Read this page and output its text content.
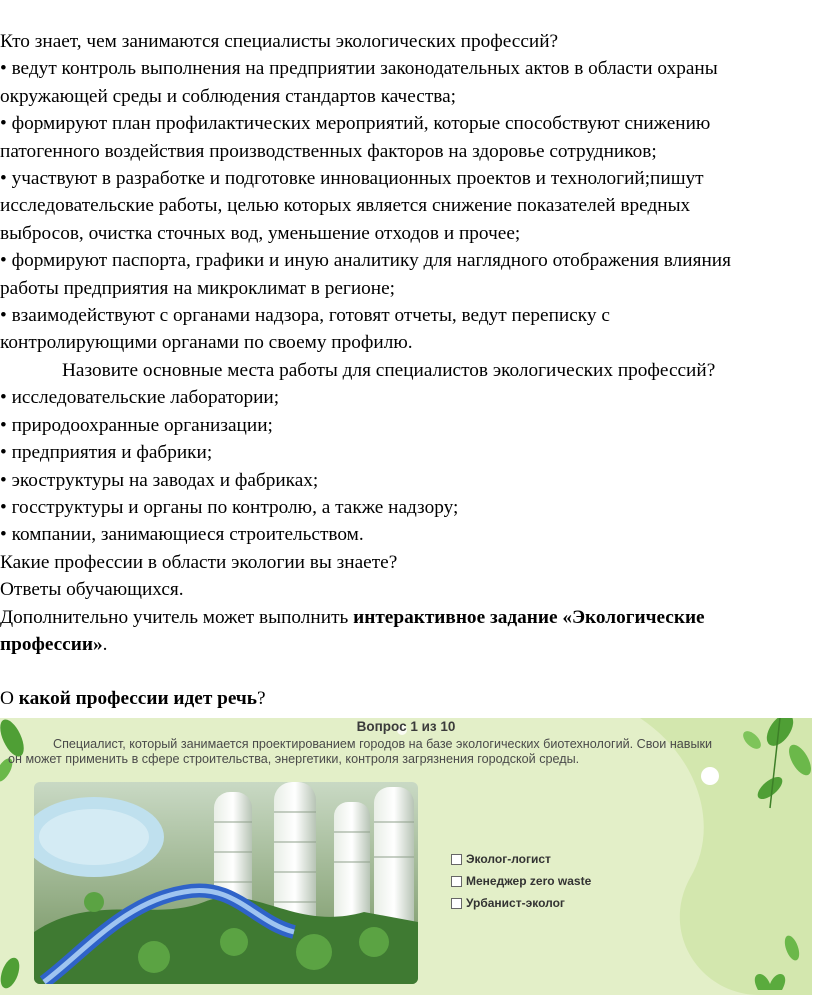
Кто знает, чем занимаются специалисты экологических профессий?

• ведут контроль выполнения на предприятии законодательных актов в области охраны

окружающей среды и соблюдения стандартов качества;

• формируют план профилактических мероприятий, которые способствуют снижению

патогенного воздействия производственных факторов на здоровье сотрудников;

• участвуют в разработке и подготовке инновационных проектов и технологий;пишут

исследовательские работы, целью которых является снижение показателей вредных

выбросов, очистка сточных вод, уменьшение отходов и прочее;

• формируют паспорта, графики и иную аналитику для наглядного отображения влияния

работы предприятия на микроклимат в регионе;

• взаимодействуют с органами надзора, готовят отчеты, ведут переписку с

контролирующими органами по своему профилю.

Назовите основные места работы для специалистов экологических профессий?

• исследовательские лаборатории;

• природоохранные организации;

• предприятия и фабрики;

• экоструктуры на заводах и фабриках;

• госструктуры и органы по контролю, а также надзору;

• компании, занимающиеся строительством.

Какие профессии в области экологии вы знаете?

Ответы обучающихся.

Дополнительно учитель может выполнить интерактивное задание «Экологические

профессии».

О какой профессии идет речь?

Вопрос 1 из 10
Специалист, который занимается проектированием городов на базе экологических биотехнологий. Свои навыки
он может применить в сфере строительства, энергетики, контроля загрязнения городской среды.
Эколог-логист
Менеджер zero waste
Урбанист-эколог
